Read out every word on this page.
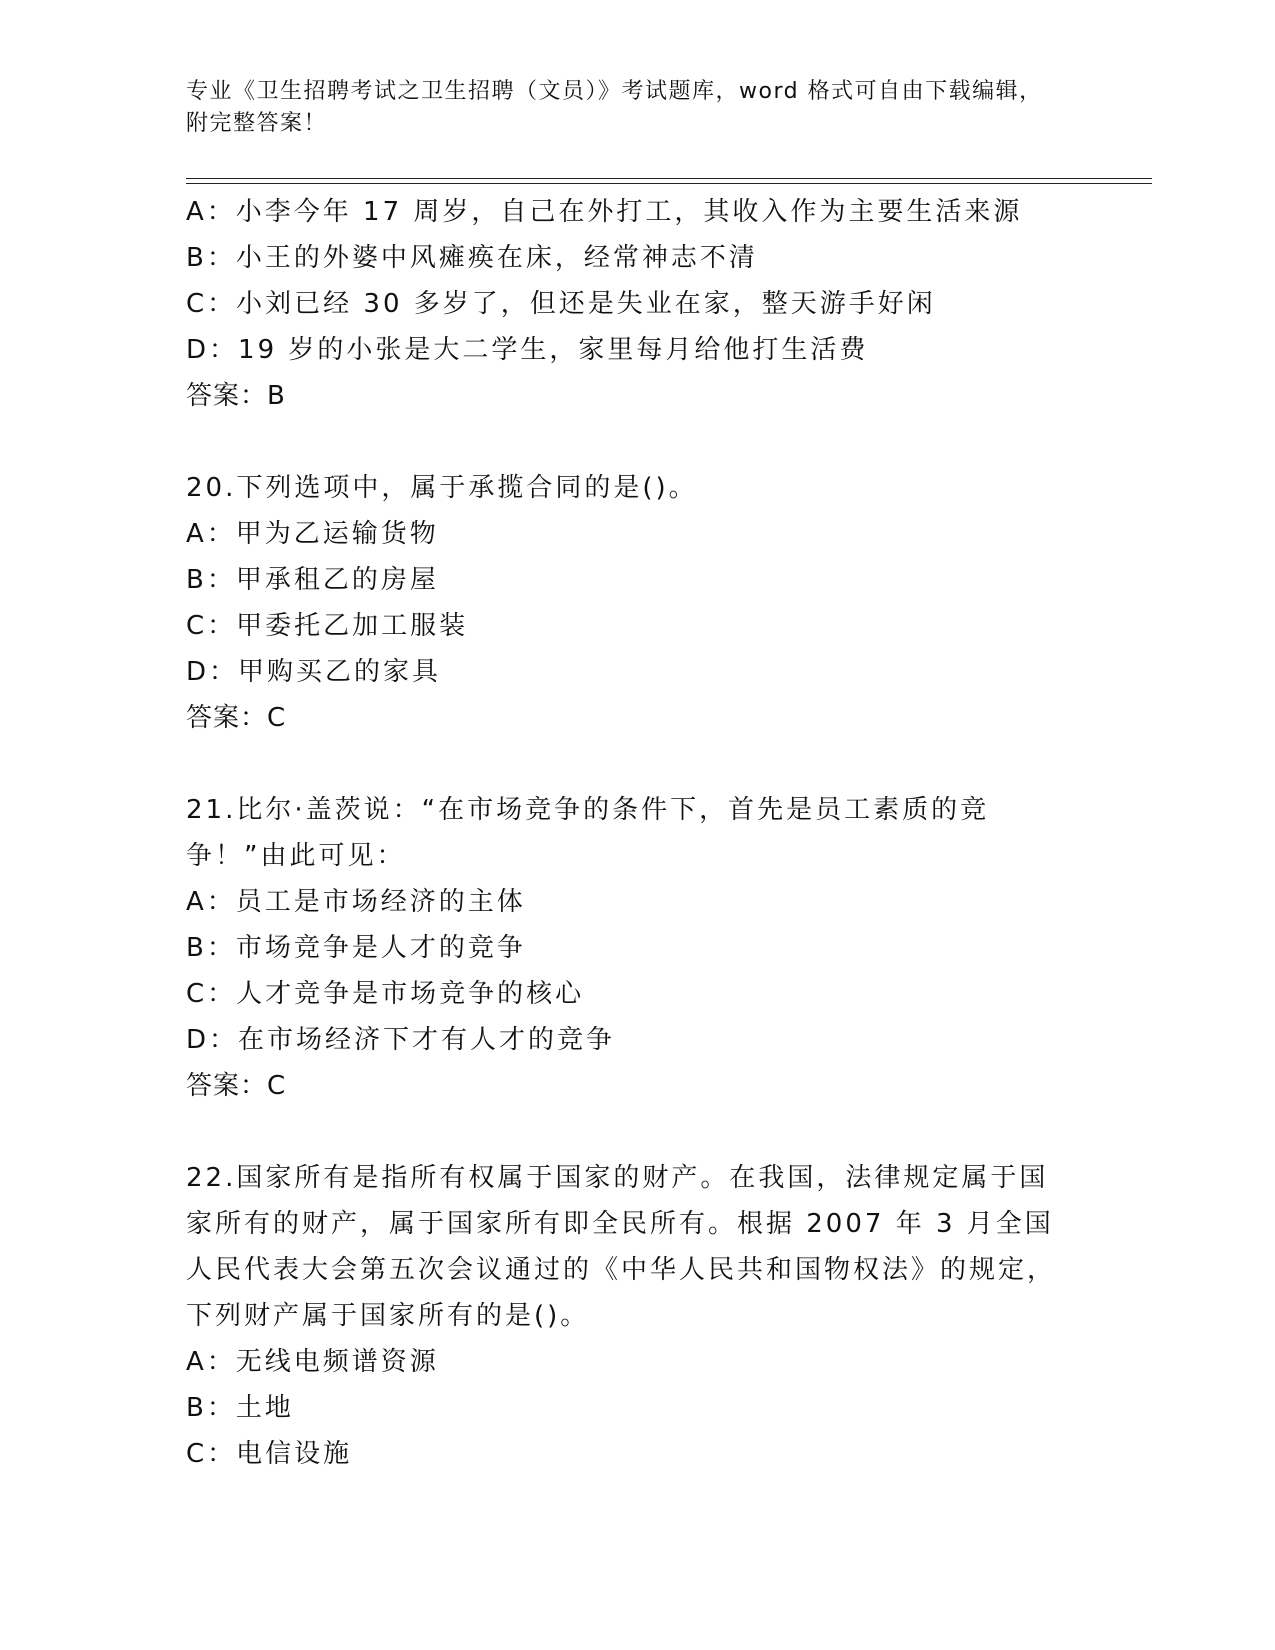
专业《卫生招聘考试之卫生招聘（文员）》考试题库，word 格式可自由下载编辑，附完整答案！
A：小李今年 17 周岁，自己在外打工，其收入作为主要生活来源
B：小王的外婆中风瘫痪在床，经常神志不清
C：小刘已经 30 多岁了，但还是失业在家，整天游手好闲
D：19 岁的小张是大二学生，家里每月给他打生活费
答案：B
20.下列选项中，属于承揽合同的是()。
A：甲为乙运输货物
B：甲承租乙的房屋
C：甲委托乙加工服装
D：甲购买乙的家具
答案：C
21.比尔·盖茨说：“在市场竞争的条件下，首先是员工素质的竞争！”由此可见：
A：员工是市场经济的主体
B：市场竞争是人才的竞争
C：人才竞争是市场竞争的核心
D：在市场经济下才有人才的竞争
答案：C
22.国家所有是指所有权属于国家的财产。在我国，法律规定属于国家所有的财产，属于国家所有即全民所有。根据 2007 年 3 月全国人民代表大会第五次会议通过的《中华人民共和国物权法》的规定，下列财产属于国家所有的是()。
A：无线电频谱资源
B：土地
C：电信设施
